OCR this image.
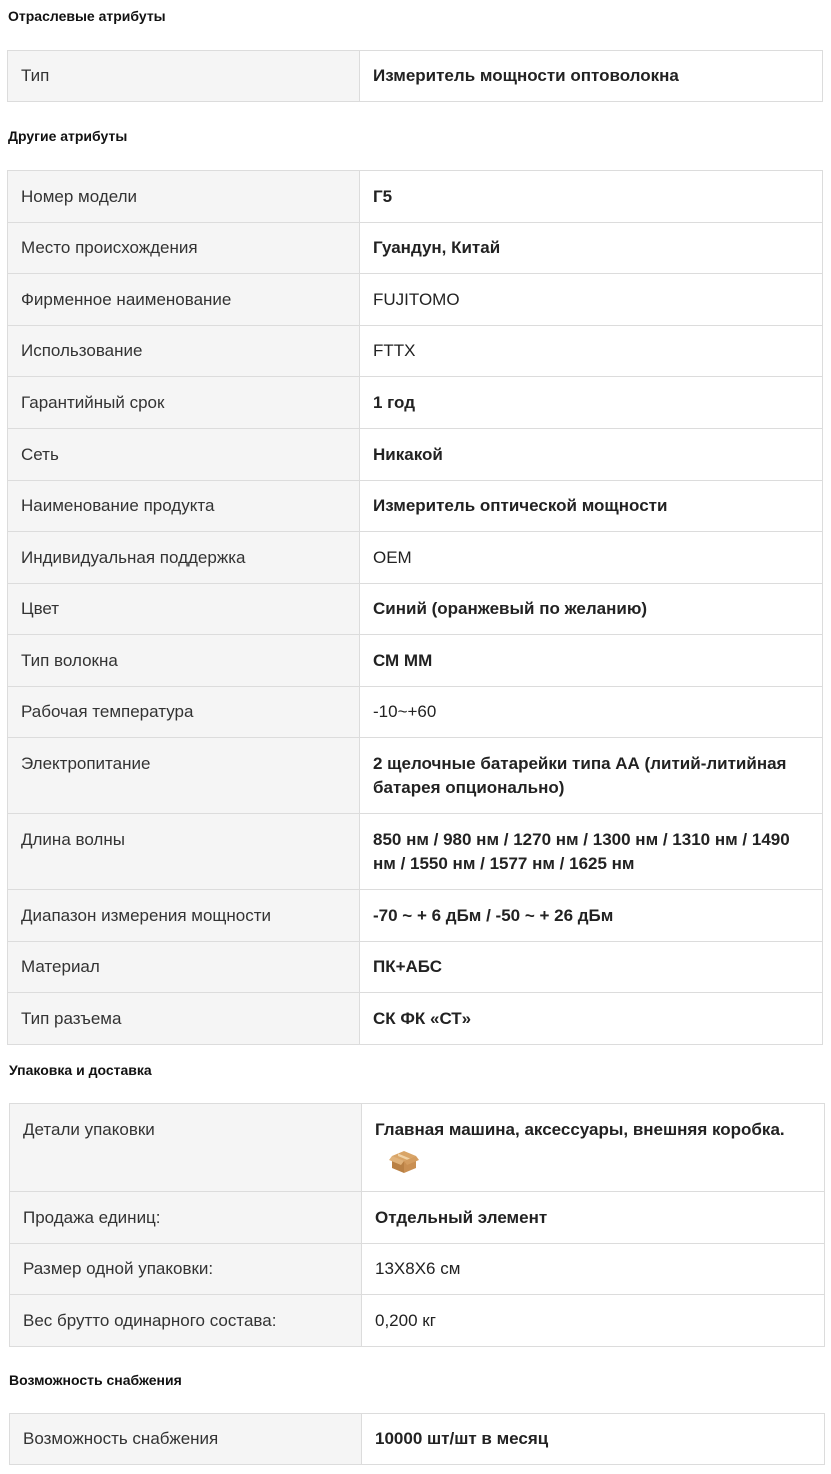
Отраслевые атрибуты
Тип	Измеритель мощности оптоволокна
Другие атрибуты
Номер модели	Г5
Место происхождения	Гуандун, Китай
Фирменное наименование	FUJITOMO
Использование	FTTX
Гарантийный срок	1 год
Сеть	Никакой
Наименование продукта	Измеритель оптической мощности
Индивидуальная поддержка	OEM
Цвет	Синий (оранжевый по желанию)
Тип волокна	СМ ММ
Рабочая температура	-10~+60
Электропитание	2 щелочные батарейки типа АА (литий-литийная батарея опционально)
Длина волны	850 нм / 980 нм / 1270 нм / 1300 нм / 1310 нм / 1490 нм / 1550 нм / 1577 нм / 1625 нм
Диапазон измерения мощности	-70 ~ + 6 дБм / -50 ~ + 26 дБм
Материал	ПК+АБС
Тип разъема	СК ФК «СТ»
Упаковка и доставка
Детали упаковки	Главная машина, аксессуары, внешняя коробка.

Продажа единиц:	Отдельный элемент
Размер одной упаковки:	13X8X6 см
Вес брутто одинарного состава:	0,200 кг
Возможность снабжения
Возможность снабжения	10000 шт/шт в месяц
